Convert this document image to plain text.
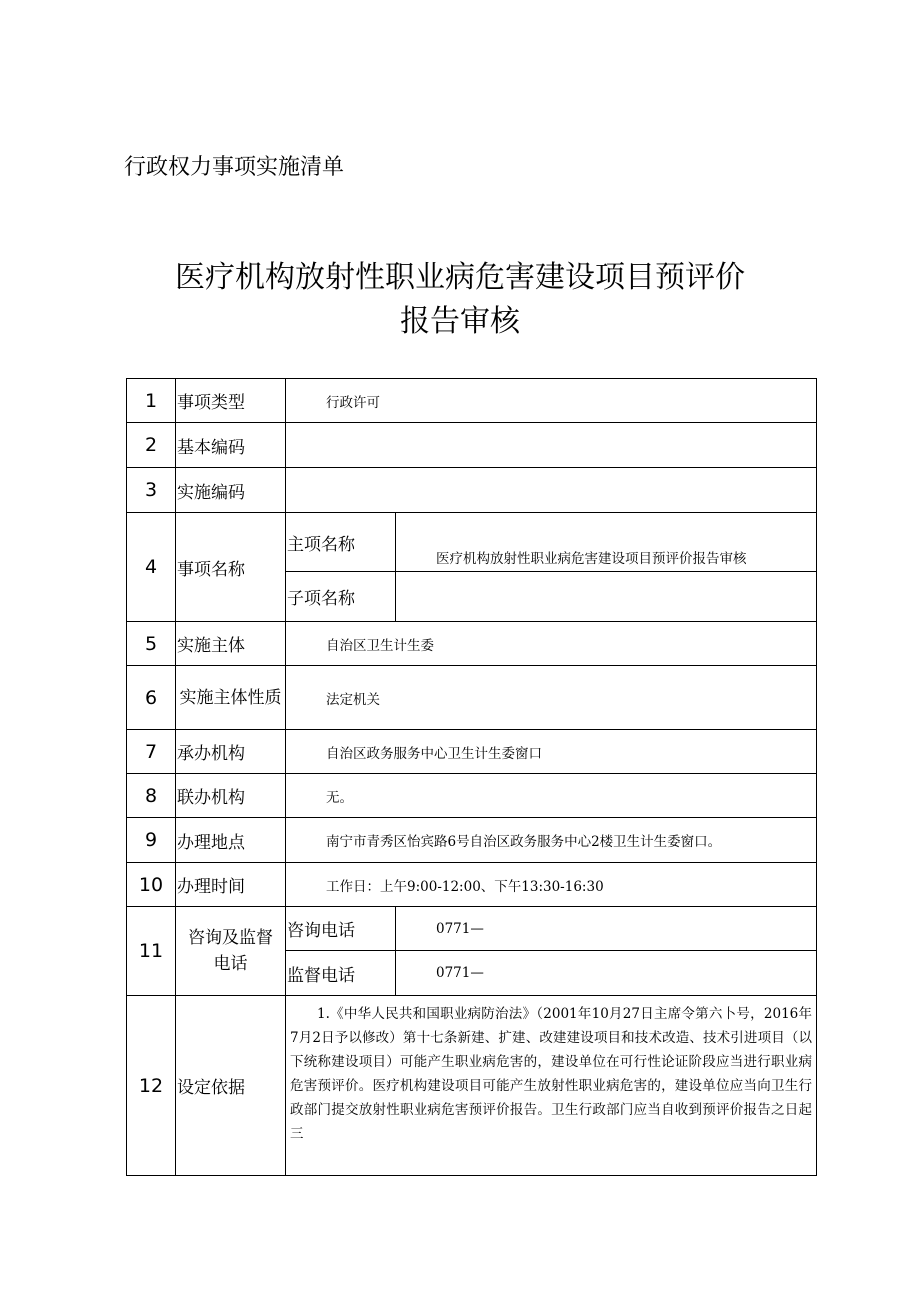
行政权力事项实施清单
医疗机构放射性职业病危害建设项目预评价
报告审核
1	事项类型	行政许可	
2	基本编码		
3	实施编码		
4	事项名称	主项名称	医疗机构放射性职业病危害建设项目预评价报告审核
		子项名称	
5	实施主体	自治区卫生计生委	
6	实施主体性质	法定机关	
7	承办机构	自治区政务服务中心卫生计生委窗口	
8	联办机构	无。	
9	办理地点	南宁市青秀区怡宾路6号自治区政务服务中心2楼卫生计生委窗口。	
10	办理时间	工作日：上午9:00-12:00、下午13:30-16:30	
11	咨询及监督电话	咨询电话	0771—
		监督电话	0771—
12	设定依据	1.《中华人民共和国职业病防治法》（2001年10月27日主席令第六卜号，2016年7月2日予以修改）第十七条新建、扩建、改建建设项目和技术改造、技术引进项目（以下统称建设项目）可能产生职业病危害的，建设单位在可行性论证阶段应当进行职业病危害预评价。医疗机构建设项目可能产生放射性职业病危害的，建设单位应当向卫生行政部门提交放射性职业病危害预评价报告。卫生行政部门应当自收到预评价报告之日起三	
